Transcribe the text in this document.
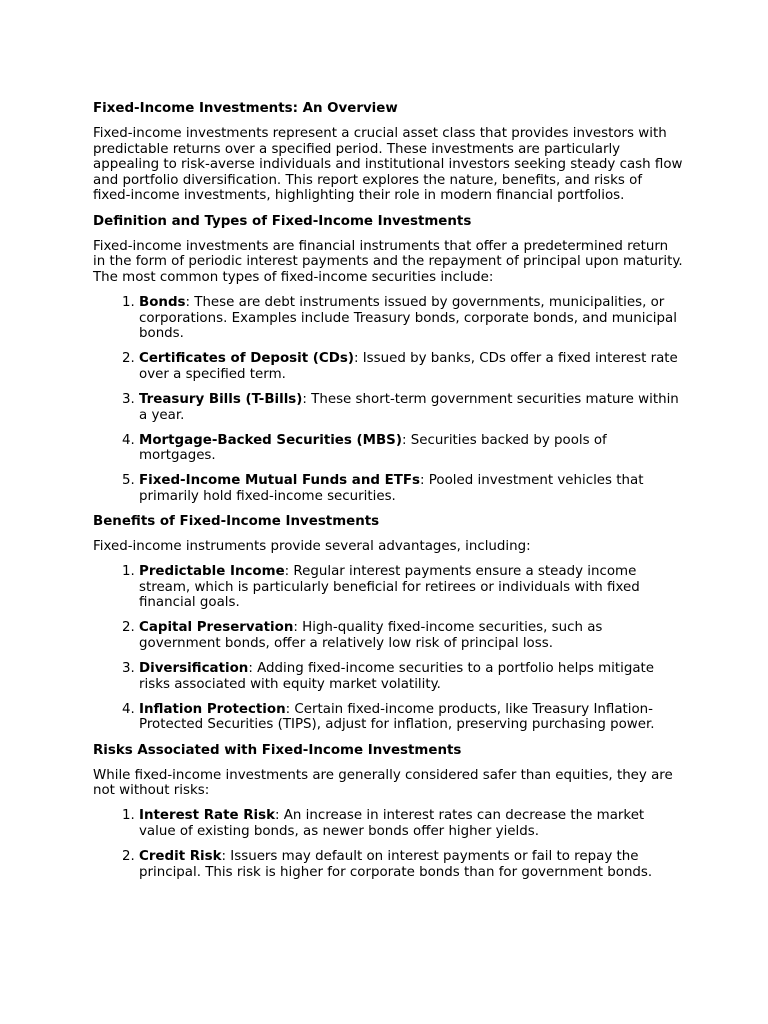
Fixed-Income Investments: An Overview

Fixed-income investments represent a crucial asset class that provides investors with predictable returns over a specified period. These investments are particularly appealing to risk-averse individuals and institutional investors seeking steady cash flow and portfolio diversification. This report explores the nature, benefits, and risks of fixed-income investments, highlighting their role in modern financial portfolios.

Definition and Types of Fixed-Income Investments

Fixed-income investments are financial instruments that offer a predetermined return in the form of periodic interest payments and the repayment of principal upon maturity. The most common types of fixed-income securities include:

1. Bonds: These are debt instruments issued by governments, municipalities, or corporations. Examples include Treasury bonds, corporate bonds, and municipal bonds.
2. Certificates of Deposit (CDs): Issued by banks, CDs offer a fixed interest rate over a specified term.
3. Treasury Bills (T-Bills): These short-term government securities mature within a year.
4. Mortgage-Backed Securities (MBS): Securities backed by pools of mortgages.
5. Fixed-Income Mutual Funds and ETFs: Pooled investment vehicles that primarily hold fixed-income securities.
Benefits of Fixed-Income Investments

Fixed-income instruments provide several advantages, including:

1. Predictable Income: Regular interest payments ensure a steady income stream, which is particularly beneficial for retirees or individuals with fixed financial goals.
2. Capital Preservation: High-quality fixed-income securities, such as government bonds, offer a relatively low risk of principal loss.
3. Diversification: Adding fixed-income securities to a portfolio helps mitigate risks associated with equity market volatility.
4. Inflation Protection: Certain fixed-income products, like Treasury Inflation-Protected Securities (TIPS), adjust for inflation, preserving purchasing power.
Risks Associated with Fixed-Income Investments

While fixed-income investments are generally considered safer than equities, they are not without risks:

1. Interest Rate Risk: An increase in interest rates can decrease the market value of existing bonds, as newer bonds offer higher yields.
2. Credit Risk: Issuers may default on interest payments or fail to repay the principal. This risk is higher for corporate bonds than for government bonds.
